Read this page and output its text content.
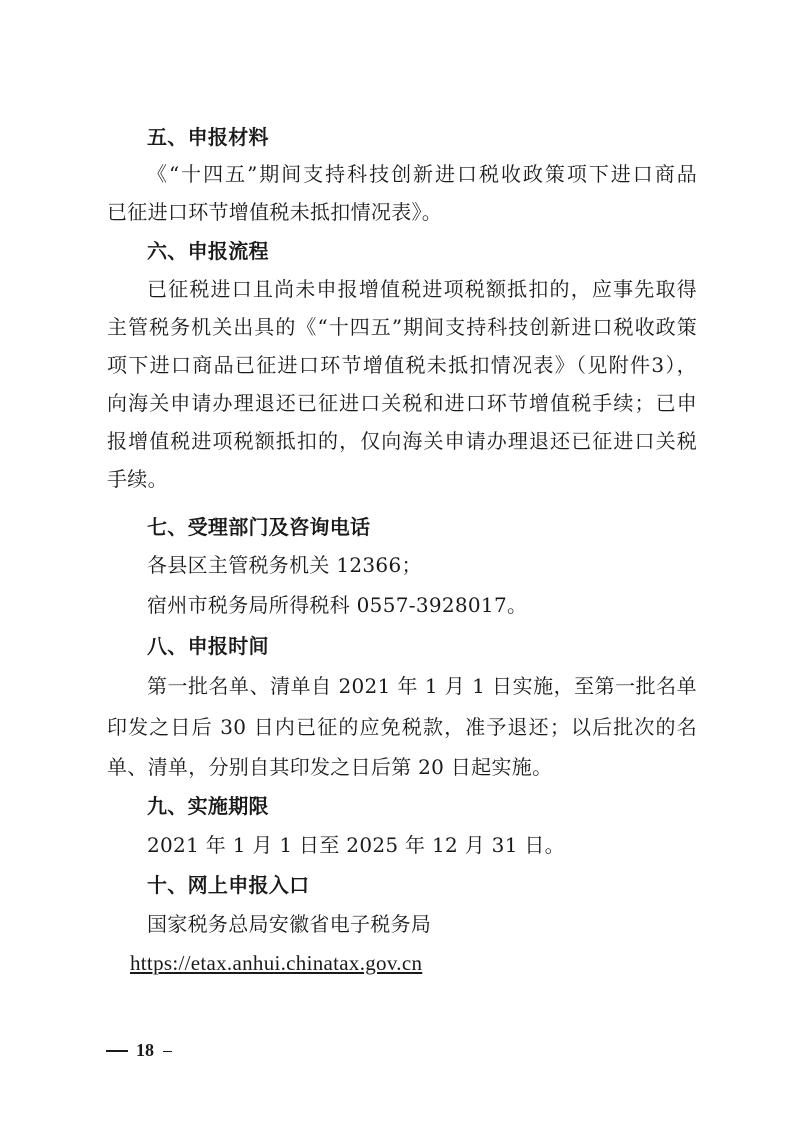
五、申报材料
《“十四五”期间支持科技创新进口税收政策项下进口商品
已征进口环节增值税未抵扣情况表》。
六、申报流程
已征税进口且尚未申报增值税进项税额抵扣的，应事先取得
主管税务机关出具的《“十四五”期间支持科技创新进口税收政策
项下进口商品已征进口环节增值税未抵扣情况表》（见附件3），
向海关申请办理退还已征进口关税和进口环节增值税手续；已申
报增值税进项税额抵扣的，仅向海关申请办理退还已征进口关税
手续。
七、受理部门及咨询电话
各县区主管税务机关 12366；
宿州市税务局所得税科 0557-3928017。
八、申报时间
第一批名单、清单自 2021 年 1 月 1 日实施，至第一批名单
印发之日后 30 日内已征的应免税款，准予退还；以后批次的名
单、清单，分别自其印发之日后第 20 日起实施。
九、实施期限
2021 年 1 月 1 日至 2025 年 12 月 31 日。
十、网上申报入口
国家税务总局安徽省电子税务局
https://etax.anhui.chinatax.gov.cn
18
